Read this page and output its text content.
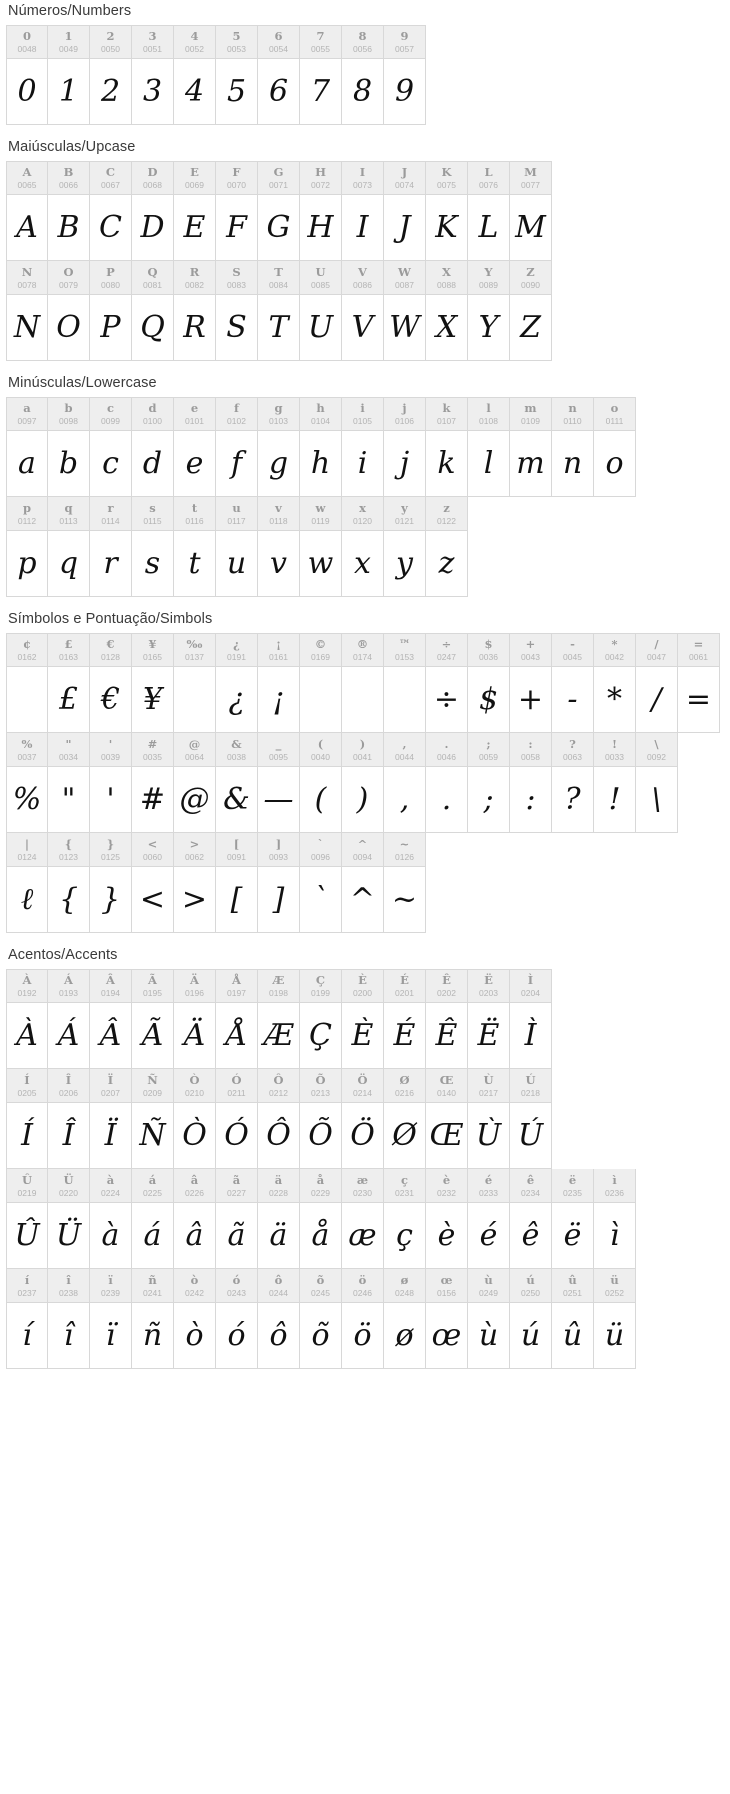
Números/Numbers
0
0048
0
1
0049
1
2
0050
2
3
0051
3
4
0052
4
5
0053
5
6
0054
6
7
0055
7
8
0056
8
9
0057
9
Maiúsculas/Upcase
A
0065
A
B
0066
B
C
0067
C
D
0068
D
E
0069
E
F
0070
F
G
0071
G
H
0072
H
I
0073
I
J
0074
J
K
0075
K
L
0076
L
M
0077
M
N
0078
N
O
0079
O
P
0080
P
Q
0081
Q
R
0082
R
S
0083
S
T
0084
T
U
0085
U
V
0086
V
W
0087
W
X
0088
X
Y
0089
Y
Z
0090
Z
Minúsculas/Lowercase
a
0097
a
b
0098
b
c
0099
c
d
0100
d
e
0101
e
f
0102
f
g
0103
g
h
0104
h
i
0105
i
j
0106
j
k
0107
k
l
0108
l
m
0109
m
n
0110
n
o
0111
o
p
0112
p
q
0113
q
r
0114
r
s
0115
s
t
0116
t
u
0117
u
v
0118
v
w
0119
w
x
0120
x
y
0121
y
z
0122
z
Símbolos e Pontuação/Simbols
¢
0162
£
0163
£
€
0128
€
¥
0165
¥
‰
0137
¿
0191
¿
¡
0161
¡
©
0169
®
0174
™
0153
÷
0247
÷
$
0036
$
+
0043
+
-
0045
-
*
0042
*
/
0047
/
=
0061
=
%
0037
%
"
0034
"
'
0039
'
#
0035
#
@
0064
@
&
0038
&
_
0095
—
(
0040
(
)
0041
)
,
0044
,
.
0046
.
;
0059
;
:
0058
:
?
0063
?
!
0033
!
\
0092
\
|
0124
ℓ
{
0123
{
}
0125
}
<
0060
<
>
0062
>
[
0091
[
]
0093
]
`
0096
`
^
0094
^
~
0126
~
Acentos/Accents
À
0192
À
Á
0193
Á
Â
0194
Â
Ã
0195
Ã
Ä
0196
Ä
Å
0197
Å
Æ
0198
Æ
Ç
0199
Ç
È
0200
È
É
0201
É
Ê
0202
Ê
Ë
0203
Ë
Ì
0204
Ì
Í
0205
Í
Î
0206
Î
Ï
0207
Ï
Ñ
0209
Ñ
Ò
0210
Ò
Ó
0211
Ó
Ô
0212
Ô
Õ
0213
Õ
Ö
0214
Ö
Ø
0216
Ø
Œ
0140
Œ
Ù
0217
Ù
Ú
0218
Ú
Û
0219
Û
Ü
0220
Ü
à
0224
à
á
0225
á
â
0226
â
ã
0227
ã
ä
0228
ä
å
0229
å
æ
0230
æ
ç
0231
ç
è
0232
è
é
0233
é
ê
0234
ê
ë
0235
ë
ì
0236
ì
í
0237
í
î
0238
î
ï
0239
ï
ñ
0241
ñ
ò
0242
ò
ó
0243
ó
ô
0244
ô
õ
0245
õ
ö
0246
ö
ø
0248
ø
œ
0156
œ
ù
0249
ù
ú
0250
ú
û
0251
û
ü
0252
ü
